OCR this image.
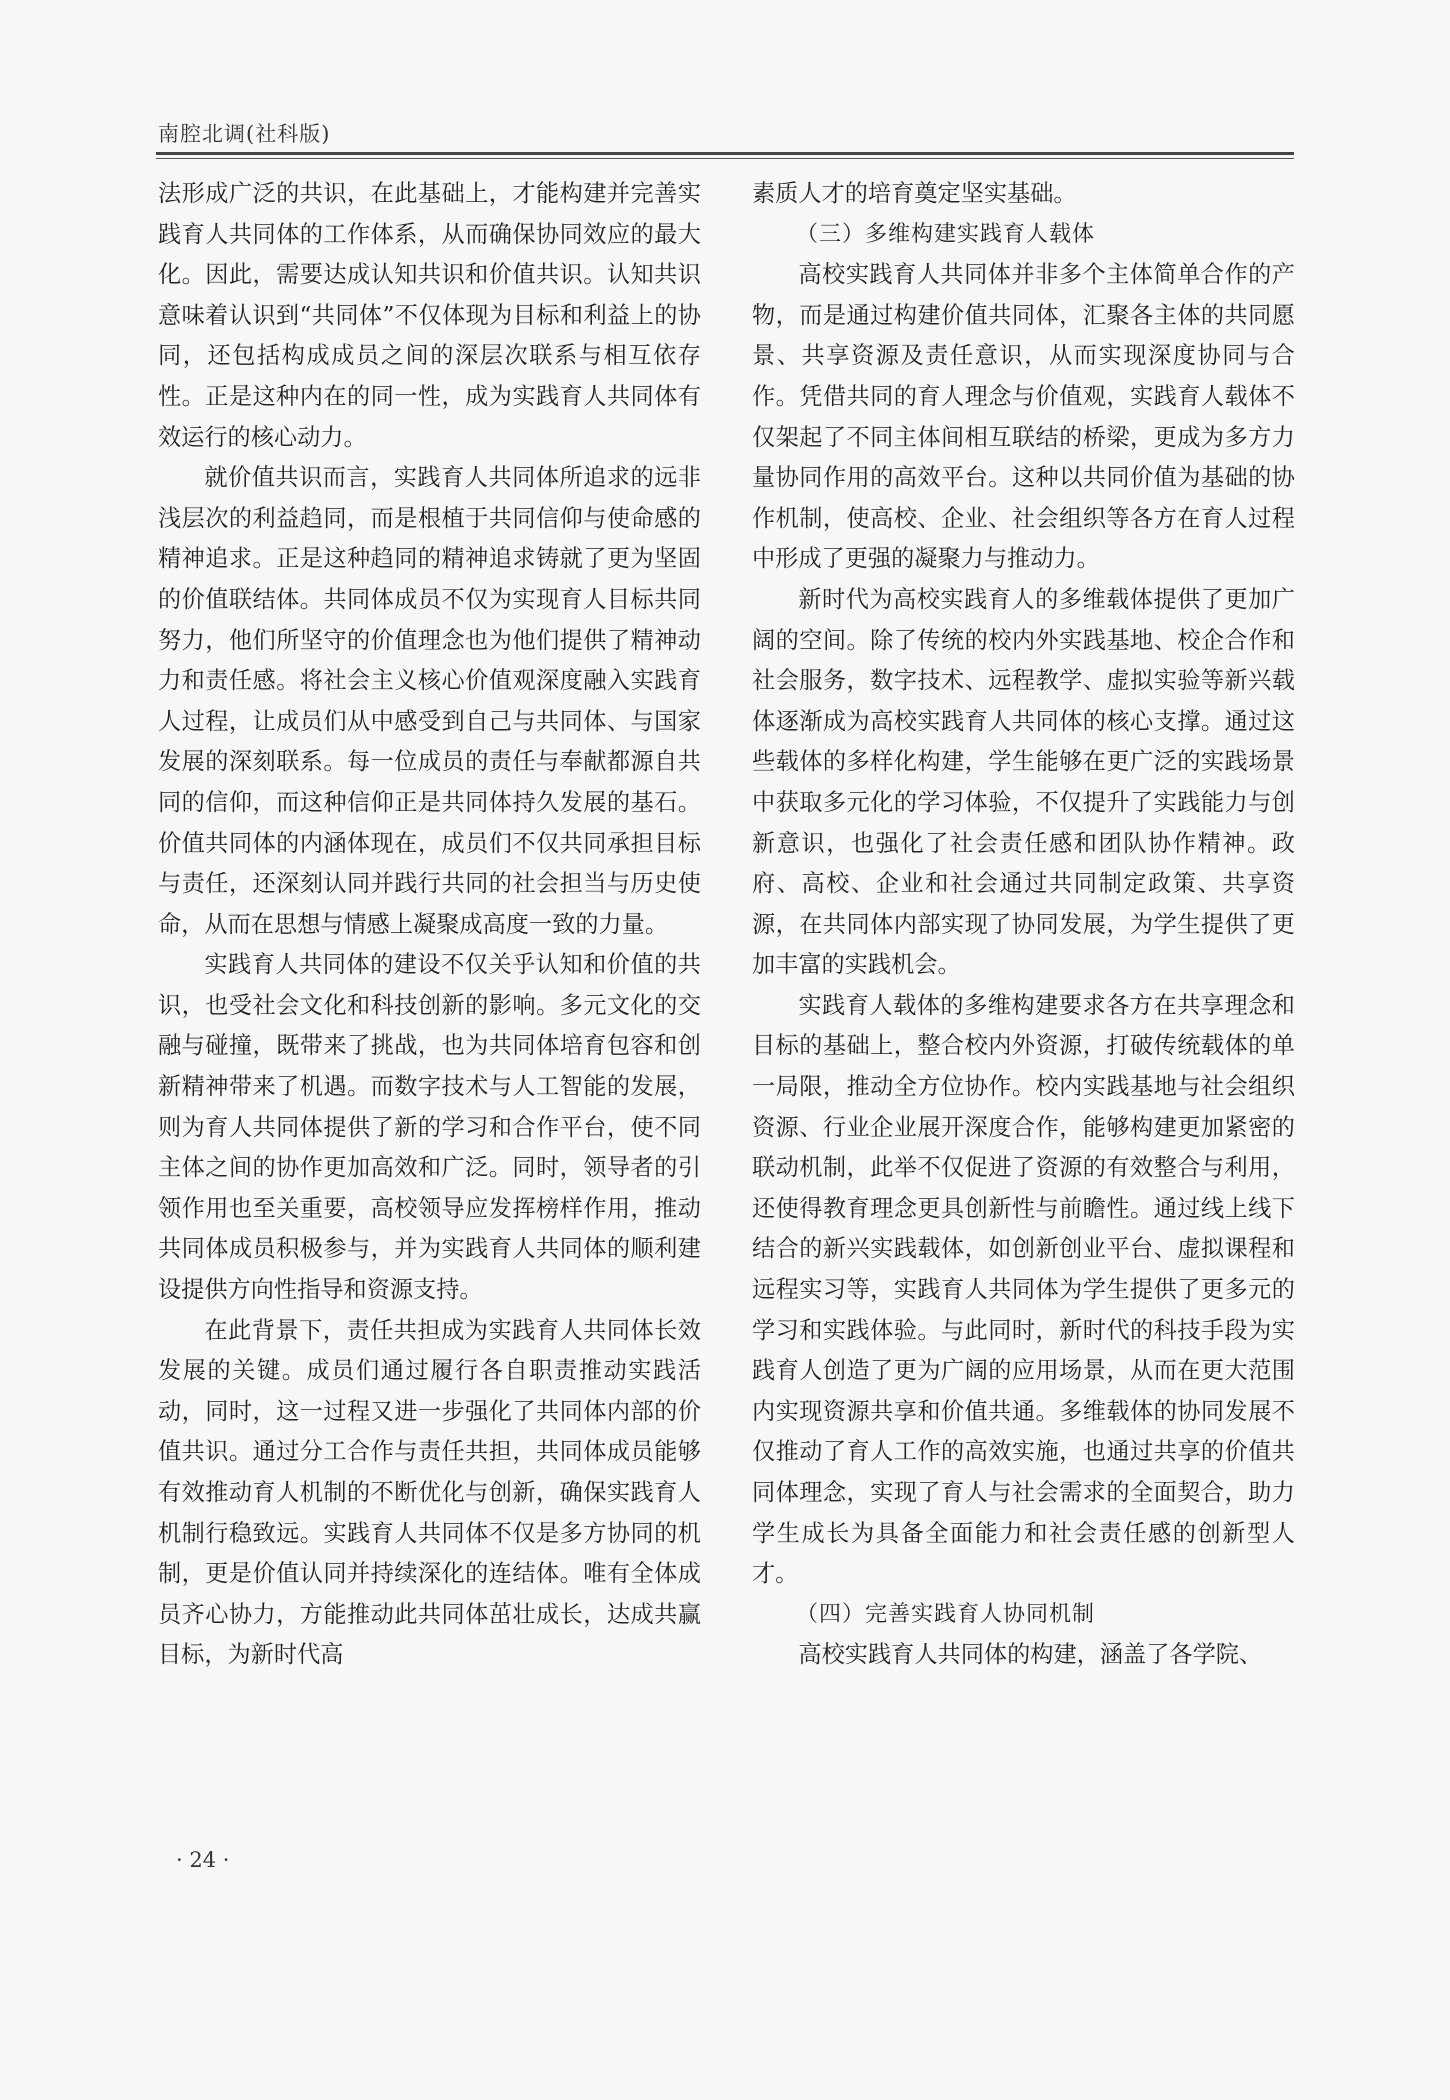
南腔北调(社科版)

法形成广泛的共识，在此基础上，才能构建并完善实践育人共同体的工作体系，从而确保协同效应的最大化。因此，需要达成认知共识和价值共识。认知共识意味着认识到“共同体”不仅体现为目标和利益上的协同，还包括构成成员之间的深层次联系与相互依存性。正是这种内在的同一性，成为实践育人共同体有效运行的核心动力。

就价值共识而言，实践育人共同体所追求的远非浅层次的利益趋同，而是根植于共同信仰与使命感的精神追求。正是这种趋同的精神追求铸就了更为坚固的价值联结体。共同体成员不仅为实现育人目标共同努力，他们所坚守的价值理念也为他们提供了精神动力和责任感。将社会主义核心价值观深度融入实践育人过程，让成员们从中感受到自己与共同体、与国家发展的深刻联系。每一位成员的责任与奉献都源自共同的信仰，而这种信仰正是共同体持久发展的基石。价值共同体的内涵体现在，成员们不仅共同承担目标与责任，还深刻认同并践行共同的社会担当与历史使命，从而在思想与情感上凝聚成高度一致的力量。

实践育人共同体的建设不仅关乎认知和价值的共识，也受社会文化和科技创新的影响。多元文化的交融与碰撞，既带来了挑战，也为共同体培育包容和创新精神带来了机遇。而数字技术与人工智能的发展，则为育人共同体提供了新的学习和合作平台，使不同主体之间的协作更加高效和广泛。同时，领导者的引领作用也至关重要，高校领导应发挥榜样作用，推动共同体成员积极参与，并为实践育人共同体的顺利建设提供方向性指导和资源支持。

在此背景下，责任共担成为实践育人共同体长效发展的关键。成员们通过履行各自职责推动实践活动，同时，这一过程又进一步强化了共同体内部的价值共识。通过分工合作与责任共担，共同体成员能够有效推动育人机制的不断优化与创新，确保实践育人机制行稳致远。实践育人共同体不仅是多方协同的机制，更是价值认同并持续深化的连结体。唯有全体成员齐心协力，方能推动此共同体茁壮成长，达成共赢目标，为新时代高

素质人才的培育奠定坚实基础。

（三）多维构建实践育人载体

高校实践育人共同体并非多个主体简单合作的产物，而是通过构建价值共同体，汇聚各主体的共同愿景、共享资源及责任意识，从而实现深度协同与合作。凭借共同的育人理念与价值观，实践育人载体不仅架起了不同主体间相互联结的桥梁，更成为多方力量协同作用的高效平台。这种以共同价值为基础的协作机制，使高校、企业、社会组织等各方在育人过程中形成了更强的凝聚力与推动力。

新时代为高校实践育人的多维载体提供了更加广阔的空间。除了传统的校内外实践基地、校企合作和社会服务，数字技术、远程教学、虚拟实验等新兴载体逐渐成为高校实践育人共同体的核心支撑。通过这些载体的多样化构建，学生能够在更广泛的实践场景中获取多元化的学习体验，不仅提升了实践能力与创新意识，也强化了社会责任感和团队协作精神。政府、高校、企业和社会通过共同制定政策、共享资源，在共同体内部实现了协同发展，为学生提供了更加丰富的实践机会。

实践育人载体的多维构建要求各方在共享理念和目标的基础上，整合校内外资源，打破传统载体的单一局限，推动全方位协作。校内实践基地与社会组织资源、行业企业展开深度合作，能够构建更加紧密的联动机制，此举不仅促进了资源的有效整合与利用，还使得教育理念更具创新性与前瞻性。通过线上线下结合的新兴实践载体，如创新创业平台、虚拟课程和远程实习等，实践育人共同体为学生提供了更多元的学习和实践体验。与此同时，新时代的科技手段为实践育人创造了更为广阔的应用场景，从而在更大范围内实现资源共享和价值共通。多维载体的协同发展不仅推动了育人工作的高效实施，也通过共享的价值共同体理念，实现了育人与社会需求的全面契合，助力学生成长为具备全面能力和社会责任感的创新型人才。

（四）完善实践育人协同机制

高校实践育人共同体的构建，涵盖了各学院、

· 24 ·
